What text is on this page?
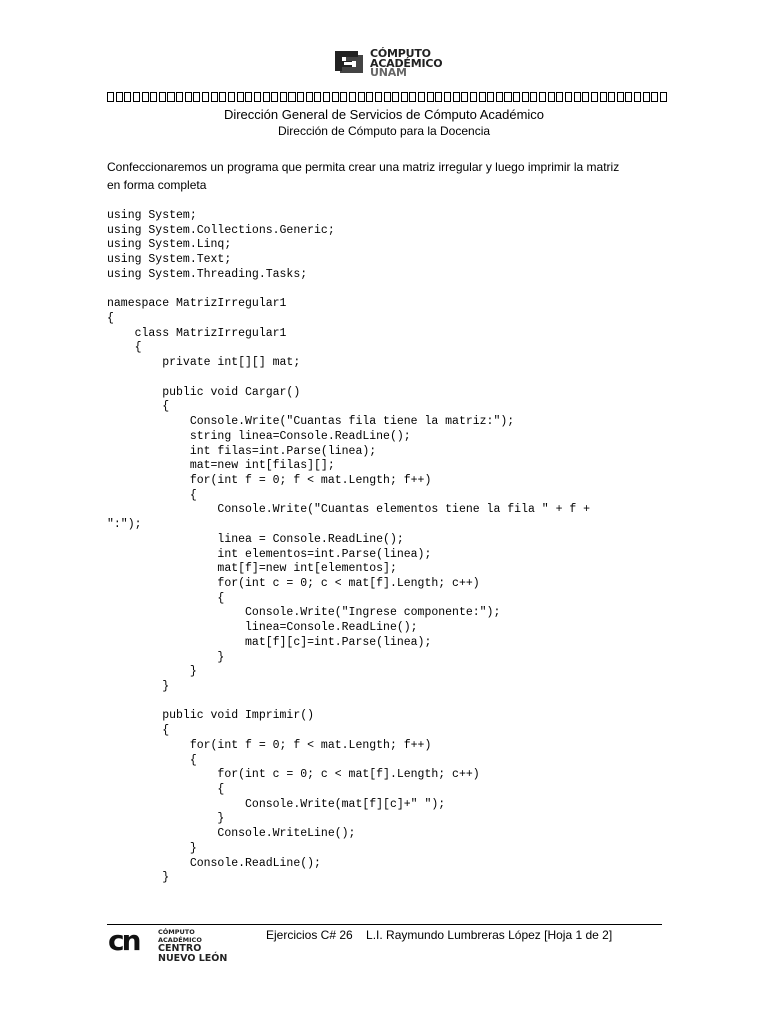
CÓMPUTO
ACADÉMICO
UNAM
Dirección General de Servicios de Cómputo Académico
Dirección de Cómputo para la Docencia
Confeccionaremos un programa que permita crear una matriz irregular y luego imprimir la matriz
en forma completa
using System;
using System.Collections.Generic;
using System.Linq;
using System.Text;
using System.Threading.Tasks;
namespace MatrizIrregular1
{
class MatrizIrregular1
{
private int[][] mat;
public void Cargar()
{
Console.Write("Cuantas fila tiene la matriz:");
string linea=Console.ReadLine();
int filas=int.Parse(linea);
mat=new int[filas][];
for(int f = 0; f < mat.Length; f++)
{
Console.Write("Cuantas elementos tiene la fila " + f +
":");
linea = Console.ReadLine();
int elementos=int.Parse(linea);
mat[f]=new int[elementos];
for(int c = 0; c < mat[f].Length; c++)
{
Console.Write("Ingrese componente:");
linea=Console.ReadLine();
mat[f][c]=int.Parse(linea);
}
}
}
public void Imprimir()
{
for(int f = 0; f < mat.Length; f++)
{
for(int c = 0; c < mat[f].Length; c++)
{
Console.Write(mat[f][c]+" ");
}
Console.WriteLine();
}
Console.ReadLine();
}
cn	CÓMPUTO ACADÉMICO
CENTRO
NUEVO LEÓN
Ejercicios C# 26    L.I. Raymundo Lumbreras López [Hoja 1 de 2]
